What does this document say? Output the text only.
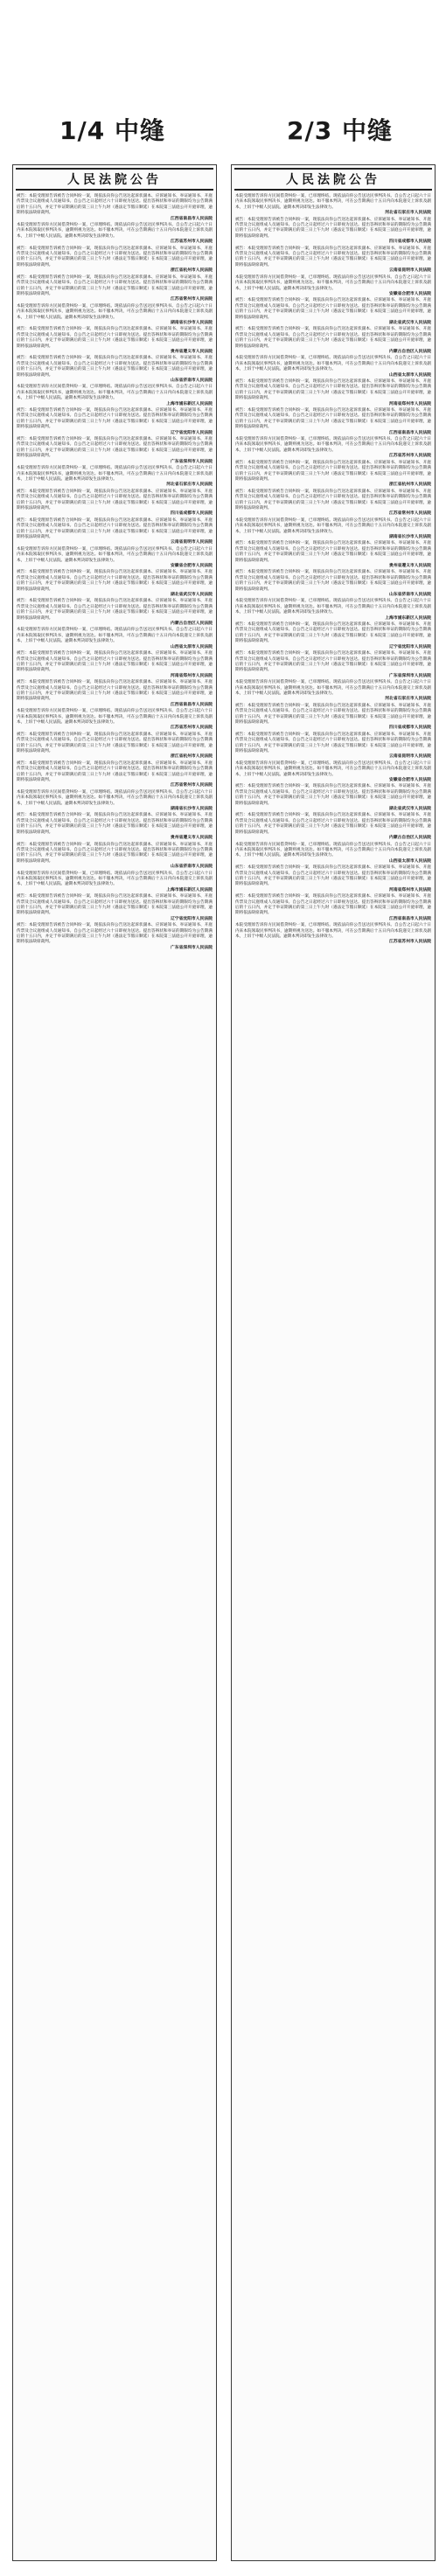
1/4 中缝	2/3 中缝
人民法院公告
被告：本院受理原告诉被告合同纠纷一案，现依法向你公告送达起诉状副本、应诉通知书、举证通知书、开庭传票及合议庭组成人员通知书。自公告之日起经过六十日即视为送达。提出答辩状和举证的期限均为公告期满后的十五日内，并定于举证期满后的第三日上午九时（遇法定节假日顺延）在本院第三法庭公开开庭审理，逾期将依法缺席裁判。
江西省南昌市人民法院
本院受理原告诉你方民间借贷纠纷一案，已审理终结。现依法向你公告送达民事判决书。自公告之日起六十日内来本院领取民事判决书，逾期则视为送达。如不服本判决，可在公告期满后十五日内向本院递交上诉状及副本，上诉于中级人民法院。逾期本判决即发生法律效力。
江苏省苏州市人民法院
被告：本院受理原告诉被告合同纠纷一案，现依法向你公告送达起诉状副本、应诉通知书、举证通知书、开庭传票及合议庭组成人员通知书。自公告之日起经过六十日即视为送达。提出答辩状和举证的期限均为公告期满后的十五日内，并定于举证期满后的第三日上午九时（遇法定节假日顺延）在本院第三法庭公开开庭审理，逾期将依法缺席裁判。
浙江省杭州市人民法院
被告：本院受理原告诉被告合同纠纷一案，现依法向你公告送达起诉状副本、应诉通知书、举证通知书、开庭传票及合议庭组成人员通知书。自公告之日起经过六十日即视为送达。提出答辩状和举证的期限均为公告期满后的十五日内，并定于举证期满后的第三日上午九时（遇法定节假日顺延）在本院第三法庭公开开庭审理，逾期将依法缺席裁判。
江苏省常州市人民法院
本院受理原告诉你方民间借贷纠纷一案，已审理终结。现依法向你公告送达民事判决书。自公告之日起六十日内来本院领取民事判决书，逾期则视为送达。如不服本判决，可在公告期满后十五日内向本院递交上诉状及副本，上诉于中级人民法院。逾期本判决即发生法律效力。
湖南省长沙市人民法院
被告：本院受理原告诉被告合同纠纷一案，现依法向你公告送达起诉状副本、应诉通知书、举证通知书、开庭传票及合议庭组成人员通知书。自公告之日起经过六十日即视为送达。提出答辩状和举证的期限均为公告期满后的十五日内，并定于举证期满后的第三日上午九时（遇法定节假日顺延）在本院第三法庭公开开庭审理，逾期将依法缺席裁判。
贵州省遵义市人民法院
被告：本院受理原告诉被告合同纠纷一案，现依法向你公告送达起诉状副本、应诉通知书、举证通知书、开庭传票及合议庭组成人员通知书。自公告之日起经过六十日即视为送达。提出答辩状和举证的期限均为公告期满后的十五日内，并定于举证期满后的第三日上午九时（遇法定节假日顺延）在本院第三法庭公开开庭审理，逾期将依法缺席裁判。
山东省济南市人民法院
本院受理原告诉你方民间借贷纠纷一案，已审理终结。现依法向你公告送达民事判决书。自公告之日起六十日内来本院领取民事判决书，逾期则视为送达。如不服本判决，可在公告期满后十五日内向本院递交上诉状及副本，上诉于中级人民法院。逾期本判决即发生法律效力。
上海市浦东新区人民法院
被告：本院受理原告诉被告合同纠纷一案，现依法向你公告送达起诉状副本、应诉通知书、举证通知书、开庭传票及合议庭组成人员通知书。自公告之日起经过六十日即视为送达。提出答辩状和举证的期限均为公告期满后的十五日内，并定于举证期满后的第三日上午九时（遇法定节假日顺延）在本院第三法庭公开开庭审理，逾期将依法缺席裁判。
辽宁省沈阳市人民法院
被告：本院受理原告诉被告合同纠纷一案，现依法向你公告送达起诉状副本、应诉通知书、举证通知书、开庭传票及合议庭组成人员通知书。自公告之日起经过六十日即视为送达。提出答辩状和举证的期限均为公告期满后的十五日内，并定于举证期满后的第三日上午九时（遇法定节假日顺延）在本院第三法庭公开开庭审理，逾期将依法缺席裁判。
广东省深圳市人民法院
本院受理原告诉你方民间借贷纠纷一案，已审理终结。现依法向你公告送达民事判决书。自公告之日起六十日内来本院领取民事判决书，逾期则视为送达。如不服本判决，可在公告期满后十五日内向本院递交上诉状及副本，上诉于中级人民法院。逾期本判决即发生法律效力。
河北省石家庄市人民法院
被告：本院受理原告诉被告合同纠纷一案，现依法向你公告送达起诉状副本、应诉通知书、举证通知书、开庭传票及合议庭组成人员通知书。自公告之日起经过六十日即视为送达。提出答辩状和举证的期限均为公告期满后的十五日内，并定于举证期满后的第三日上午九时（遇法定节假日顺延）在本院第三法庭公开开庭审理，逾期将依法缺席裁判。
四川省成都市人民法院
被告：本院受理原告诉被告合同纠纷一案，现依法向你公告送达起诉状副本、应诉通知书、举证通知书、开庭传票及合议庭组成人员通知书。自公告之日起经过六十日即视为送达。提出答辩状和举证的期限均为公告期满后的十五日内，并定于举证期满后的第三日上午九时（遇法定节假日顺延）在本院第三法庭公开开庭审理，逾期将依法缺席裁判。
云南省昆明市人民法院
本院受理原告诉你方民间借贷纠纷一案，已审理终结。现依法向你公告送达民事判决书。自公告之日起六十日内来本院领取民事判决书，逾期则视为送达。如不服本判决，可在公告期满后十五日内向本院递交上诉状及副本，上诉于中级人民法院。逾期本判决即发生法律效力。
安徽省合肥市人民法院
被告：本院受理原告诉被告合同纠纷一案，现依法向你公告送达起诉状副本、应诉通知书、举证通知书、开庭传票及合议庭组成人员通知书。自公告之日起经过六十日即视为送达。提出答辩状和举证的期限均为公告期满后的十五日内，并定于举证期满后的第三日上午九时（遇法定节假日顺延）在本院第三法庭公开开庭审理，逾期将依法缺席裁判。
湖北省武汉市人民法院
被告：本院受理原告诉被告合同纠纷一案，现依法向你公告送达起诉状副本、应诉通知书、举证通知书、开庭传票及合议庭组成人员通知书。自公告之日起经过六十日即视为送达。提出答辩状和举证的期限均为公告期满后的十五日内，并定于举证期满后的第三日上午九时（遇法定节假日顺延）在本院第三法庭公开开庭审理，逾期将依法缺席裁判。
内蒙古自治区人民法院
本院受理原告诉你方民间借贷纠纷一案，已审理终结。现依法向你公告送达民事判决书。自公告之日起六十日内来本院领取民事判决书，逾期则视为送达。如不服本判决，可在公告期满后十五日内向本院递交上诉状及副本，上诉于中级人民法院。逾期本判决即发生法律效力。
山西省太原市人民法院
被告：本院受理原告诉被告合同纠纷一案，现依法向你公告送达起诉状副本、应诉通知书、举证通知书、开庭传票及合议庭组成人员通知书。自公告之日起经过六十日即视为送达。提出答辩状和举证的期限均为公告期满后的十五日内，并定于举证期满后的第三日上午九时（遇法定节假日顺延）在本院第三法庭公开开庭审理，逾期将依法缺席裁判。
河南省郑州市人民法院
被告：本院受理原告诉被告合同纠纷一案，现依法向你公告送达起诉状副本、应诉通知书、举证通知书、开庭传票及合议庭组成人员通知书。自公告之日起经过六十日即视为送达。提出答辩状和举证的期限均为公告期满后的十五日内，并定于举证期满后的第三日上午九时（遇法定节假日顺延）在本院第三法庭公开开庭审理，逾期将依法缺席裁判。
江西省南昌市人民法院
本院受理原告诉你方民间借贷纠纷一案，已审理终结。现依法向你公告送达民事判决书。自公告之日起六十日内来本院领取民事判决书，逾期则视为送达。如不服本判决，可在公告期满后十五日内向本院递交上诉状及副本，上诉于中级人民法院。逾期本判决即发生法律效力。
江苏省苏州市人民法院
被告：本院受理原告诉被告合同纠纷一案，现依法向你公告送达起诉状副本、应诉通知书、举证通知书、开庭传票及合议庭组成人员通知书。自公告之日起经过六十日即视为送达。提出答辩状和举证的期限均为公告期满后的十五日内，并定于举证期满后的第三日上午九时（遇法定节假日顺延）在本院第三法庭公开开庭审理，逾期将依法缺席裁判。
浙江省杭州市人民法院
被告：本院受理原告诉被告合同纠纷一案，现依法向你公告送达起诉状副本、应诉通知书、举证通知书、开庭传票及合议庭组成人员通知书。自公告之日起经过六十日即视为送达。提出答辩状和举证的期限均为公告期满后的十五日内，并定于举证期满后的第三日上午九时（遇法定节假日顺延）在本院第三法庭公开开庭审理，逾期将依法缺席裁判。
江苏省常州市人民法院
本院受理原告诉你方民间借贷纠纷一案，已审理终结。现依法向你公告送达民事判决书。自公告之日起六十日内来本院领取民事判决书，逾期则视为送达。如不服本判决，可在公告期满后十五日内向本院递交上诉状及副本，上诉于中级人民法院。逾期本判决即发生法律效力。
湖南省长沙市人民法院
被告：本院受理原告诉被告合同纠纷一案，现依法向你公告送达起诉状副本、应诉通知书、举证通知书、开庭传票及合议庭组成人员通知书。自公告之日起经过六十日即视为送达。提出答辩状和举证的期限均为公告期满后的十五日内，并定于举证期满后的第三日上午九时（遇法定节假日顺延）在本院第三法庭公开开庭审理，逾期将依法缺席裁判。
贵州省遵义市人民法院
被告：本院受理原告诉被告合同纠纷一案，现依法向你公告送达起诉状副本、应诉通知书、举证通知书、开庭传票及合议庭组成人员通知书。自公告之日起经过六十日即视为送达。提出答辩状和举证的期限均为公告期满后的十五日内，并定于举证期满后的第三日上午九时（遇法定节假日顺延）在本院第三法庭公开开庭审理，逾期将依法缺席裁判。
山东省济南市人民法院
本院受理原告诉你方民间借贷纠纷一案，已审理终结。现依法向你公告送达民事判决书。自公告之日起六十日内来本院领取民事判决书，逾期则视为送达。如不服本判决，可在公告期满后十五日内向本院递交上诉状及副本，上诉于中级人民法院。逾期本判决即发生法律效力。
上海市浦东新区人民法院
被告：本院受理原告诉被告合同纠纷一案，现依法向你公告送达起诉状副本、应诉通知书、举证通知书、开庭传票及合议庭组成人员通知书。自公告之日起经过六十日即视为送达。提出答辩状和举证的期限均为公告期满后的十五日内，并定于举证期满后的第三日上午九时（遇法定节假日顺延）在本院第三法庭公开开庭审理，逾期将依法缺席裁判。
辽宁省沈阳市人民法院
被告：本院受理原告诉被告合同纠纷一案，现依法向你公告送达起诉状副本、应诉通知书、举证通知书、开庭传票及合议庭组成人员通知书。自公告之日起经过六十日即视为送达。提出答辩状和举证的期限均为公告期满后的十五日内，并定于举证期满后的第三日上午九时（遇法定节假日顺延）在本院第三法庭公开开庭审理，逾期将依法缺席裁判。
广东省深圳市人民法院
人民法院公告
本院受理原告诉你方民间借贷纠纷一案，已审理终结。现依法向你公告送达民事判决书。自公告之日起六十日内来本院领取民事判决书，逾期则视为送达。如不服本判决，可在公告期满后十五日内向本院递交上诉状及副本，上诉于中级人民法院。逾期本判决即发生法律效力。
河北省石家庄市人民法院
被告：本院受理原告诉被告合同纠纷一案，现依法向你公告送达起诉状副本、应诉通知书、举证通知书、开庭传票及合议庭组成人员通知书。自公告之日起经过六十日即视为送达。提出答辩状和举证的期限均为公告期满后的十五日内，并定于举证期满后的第三日上午九时（遇法定节假日顺延）在本院第三法庭公开开庭审理，逾期将依法缺席裁判。
四川省成都市人民法院
被告：本院受理原告诉被告合同纠纷一案，现依法向你公告送达起诉状副本、应诉通知书、举证通知书、开庭传票及合议庭组成人员通知书。自公告之日起经过六十日即视为送达。提出答辩状和举证的期限均为公告期满后的十五日内，并定于举证期满后的第三日上午九时（遇法定节假日顺延）在本院第三法庭公开开庭审理，逾期将依法缺席裁判。
云南省昆明市人民法院
本院受理原告诉你方民间借贷纠纷一案，已审理终结。现依法向你公告送达民事判决书。自公告之日起六十日内来本院领取民事判决书，逾期则视为送达。如不服本判决，可在公告期满后十五日内向本院递交上诉状及副本，上诉于中级人民法院。逾期本判决即发生法律效力。
安徽省合肥市人民法院
被告：本院受理原告诉被告合同纠纷一案，现依法向你公告送达起诉状副本、应诉通知书、举证通知书、开庭传票及合议庭组成人员通知书。自公告之日起经过六十日即视为送达。提出答辩状和举证的期限均为公告期满后的十五日内，并定于举证期满后的第三日上午九时（遇法定节假日顺延）在本院第三法庭公开开庭审理，逾期将依法缺席裁判。
湖北省武汉市人民法院
被告：本院受理原告诉被告合同纠纷一案，现依法向你公告送达起诉状副本、应诉通知书、举证通知书、开庭传票及合议庭组成人员通知书。自公告之日起经过六十日即视为送达。提出答辩状和举证的期限均为公告期满后的十五日内，并定于举证期满后的第三日上午九时（遇法定节假日顺延）在本院第三法庭公开开庭审理，逾期将依法缺席裁判。
内蒙古自治区人民法院
本院受理原告诉你方民间借贷纠纷一案，已审理终结。现依法向你公告送达民事判决书。自公告之日起六十日内来本院领取民事判决书，逾期则视为送达。如不服本判决，可在公告期满后十五日内向本院递交上诉状及副本，上诉于中级人民法院。逾期本判决即发生法律效力。
山西省太原市人民法院
被告：本院受理原告诉被告合同纠纷一案，现依法向你公告送达起诉状副本、应诉通知书、举证通知书、开庭传票及合议庭组成人员通知书。自公告之日起经过六十日即视为送达。提出答辩状和举证的期限均为公告期满后的十五日内，并定于举证期满后的第三日上午九时（遇法定节假日顺延）在本院第三法庭公开开庭审理，逾期将依法缺席裁判。
河南省郑州市人民法院
被告：本院受理原告诉被告合同纠纷一案，现依法向你公告送达起诉状副本、应诉通知书、举证通知书、开庭传票及合议庭组成人员通知书。自公告之日起经过六十日即视为送达。提出答辩状和举证的期限均为公告期满后的十五日内，并定于举证期满后的第三日上午九时（遇法定节假日顺延）在本院第三法庭公开开庭审理，逾期将依法缺席裁判。
江西省南昌市人民法院
本院受理原告诉你方民间借贷纠纷一案，已审理终结。现依法向你公告送达民事判决书。自公告之日起六十日内来本院领取民事判决书，逾期则视为送达。如不服本判决，可在公告期满后十五日内向本院递交上诉状及副本，上诉于中级人民法院。逾期本判决即发生法律效力。
江苏省苏州市人民法院
被告：本院受理原告诉被告合同纠纷一案，现依法向你公告送达起诉状副本、应诉通知书、举证通知书、开庭传票及合议庭组成人员通知书。自公告之日起经过六十日即视为送达。提出答辩状和举证的期限均为公告期满后的十五日内，并定于举证期满后的第三日上午九时（遇法定节假日顺延）在本院第三法庭公开开庭审理，逾期将依法缺席裁判。
浙江省杭州市人民法院
被告：本院受理原告诉被告合同纠纷一案，现依法向你公告送达起诉状副本、应诉通知书、举证通知书、开庭传票及合议庭组成人员通知书。自公告之日起经过六十日即视为送达。提出答辩状和举证的期限均为公告期满后的十五日内，并定于举证期满后的第三日上午九时（遇法定节假日顺延）在本院第三法庭公开开庭审理，逾期将依法缺席裁判。
江苏省常州市人民法院
本院受理原告诉你方民间借贷纠纷一案，已审理终结。现依法向你公告送达民事判决书。自公告之日起六十日内来本院领取民事判决书，逾期则视为送达。如不服本判决，可在公告期满后十五日内向本院递交上诉状及副本，上诉于中级人民法院。逾期本判决即发生法律效力。
湖南省长沙市人民法院
被告：本院受理原告诉被告合同纠纷一案，现依法向你公告送达起诉状副本、应诉通知书、举证通知书、开庭传票及合议庭组成人员通知书。自公告之日起经过六十日即视为送达。提出答辩状和举证的期限均为公告期满后的十五日内，并定于举证期满后的第三日上午九时（遇法定节假日顺延）在本院第三法庭公开开庭审理，逾期将依法缺席裁判。
贵州省遵义市人民法院
被告：本院受理原告诉被告合同纠纷一案，现依法向你公告送达起诉状副本、应诉通知书、举证通知书、开庭传票及合议庭组成人员通知书。自公告之日起经过六十日即视为送达。提出答辩状和举证的期限均为公告期满后的十五日内，并定于举证期满后的第三日上午九时（遇法定节假日顺延）在本院第三法庭公开开庭审理，逾期将依法缺席裁判。
山东省济南市人民法院
本院受理原告诉你方民间借贷纠纷一案，已审理终结。现依法向你公告送达民事判决书。自公告之日起六十日内来本院领取民事判决书，逾期则视为送达。如不服本判决，可在公告期满后十五日内向本院递交上诉状及副本，上诉于中级人民法院。逾期本判决即发生法律效力。
上海市浦东新区人民法院
被告：本院受理原告诉被告合同纠纷一案，现依法向你公告送达起诉状副本、应诉通知书、举证通知书、开庭传票及合议庭组成人员通知书。自公告之日起经过六十日即视为送达。提出答辩状和举证的期限均为公告期满后的十五日内，并定于举证期满后的第三日上午九时（遇法定节假日顺延）在本院第三法庭公开开庭审理，逾期将依法缺席裁判。
辽宁省沈阳市人民法院
被告：本院受理原告诉被告合同纠纷一案，现依法向你公告送达起诉状副本、应诉通知书、举证通知书、开庭传票及合议庭组成人员通知书。自公告之日起经过六十日即视为送达。提出答辩状和举证的期限均为公告期满后的十五日内，并定于举证期满后的第三日上午九时（遇法定节假日顺延）在本院第三法庭公开开庭审理，逾期将依法缺席裁判。
广东省深圳市人民法院
本院受理原告诉你方民间借贷纠纷一案，已审理终结。现依法向你公告送达民事判决书。自公告之日起六十日内来本院领取民事判决书，逾期则视为送达。如不服本判决，可在公告期满后十五日内向本院递交上诉状及副本，上诉于中级人民法院。逾期本判决即发生法律效力。
河北省石家庄市人民法院
被告：本院受理原告诉被告合同纠纷一案，现依法向你公告送达起诉状副本、应诉通知书、举证通知书、开庭传票及合议庭组成人员通知书。自公告之日起经过六十日即视为送达。提出答辩状和举证的期限均为公告期满后的十五日内，并定于举证期满后的第三日上午九时（遇法定节假日顺延）在本院第三法庭公开开庭审理，逾期将依法缺席裁判。
四川省成都市人民法院
被告：本院受理原告诉被告合同纠纷一案，现依法向你公告送达起诉状副本、应诉通知书、举证通知书、开庭传票及合议庭组成人员通知书。自公告之日起经过六十日即视为送达。提出答辩状和举证的期限均为公告期满后的十五日内，并定于举证期满后的第三日上午九时（遇法定节假日顺延）在本院第三法庭公开开庭审理，逾期将依法缺席裁判。
云南省昆明市人民法院
本院受理原告诉你方民间借贷纠纷一案，已审理终结。现依法向你公告送达民事判决书。自公告之日起六十日内来本院领取民事判决书，逾期则视为送达。如不服本判决，可在公告期满后十五日内向本院递交上诉状及副本，上诉于中级人民法院。逾期本判决即发生法律效力。
安徽省合肥市人民法院
被告：本院受理原告诉被告合同纠纷一案，现依法向你公告送达起诉状副本、应诉通知书、举证通知书、开庭传票及合议庭组成人员通知书。自公告之日起经过六十日即视为送达。提出答辩状和举证的期限均为公告期满后的十五日内，并定于举证期满后的第三日上午九时（遇法定节假日顺延）在本院第三法庭公开开庭审理，逾期将依法缺席裁判。
湖北省武汉市人民法院
被告：本院受理原告诉被告合同纠纷一案，现依法向你公告送达起诉状副本、应诉通知书、举证通知书、开庭传票及合议庭组成人员通知书。自公告之日起经过六十日即视为送达。提出答辩状和举证的期限均为公告期满后的十五日内，并定于举证期满后的第三日上午九时（遇法定节假日顺延）在本院第三法庭公开开庭审理，逾期将依法缺席裁判。
内蒙古自治区人民法院
本院受理原告诉你方民间借贷纠纷一案，已审理终结。现依法向你公告送达民事判决书。自公告之日起六十日内来本院领取民事判决书，逾期则视为送达。如不服本判决，可在公告期满后十五日内向本院递交上诉状及副本，上诉于中级人民法院。逾期本判决即发生法律效力。
山西省太原市人民法院
被告：本院受理原告诉被告合同纠纷一案，现依法向你公告送达起诉状副本、应诉通知书、举证通知书、开庭传票及合议庭组成人员通知书。自公告之日起经过六十日即视为送达。提出答辩状和举证的期限均为公告期满后的十五日内，并定于举证期满后的第三日上午九时（遇法定节假日顺延）在本院第三法庭公开开庭审理，逾期将依法缺席裁判。
河南省郑州市人民法院
被告：本院受理原告诉被告合同纠纷一案，现依法向你公告送达起诉状副本、应诉通知书、举证通知书、开庭传票及合议庭组成人员通知书。自公告之日起经过六十日即视为送达。提出答辩状和举证的期限均为公告期满后的十五日内，并定于举证期满后的第三日上午九时（遇法定节假日顺延）在本院第三法庭公开开庭审理，逾期将依法缺席裁判。
江西省南昌市人民法院
本院受理原告诉你方民间借贷纠纷一案，已审理终结。现依法向你公告送达民事判决书。自公告之日起六十日内来本院领取民事判决书，逾期则视为送达。如不服本判决，可在公告期满后十五日内向本院递交上诉状及副本，上诉于中级人民法院。逾期本判决即发生法律效力。
江苏省苏州市人民法院
